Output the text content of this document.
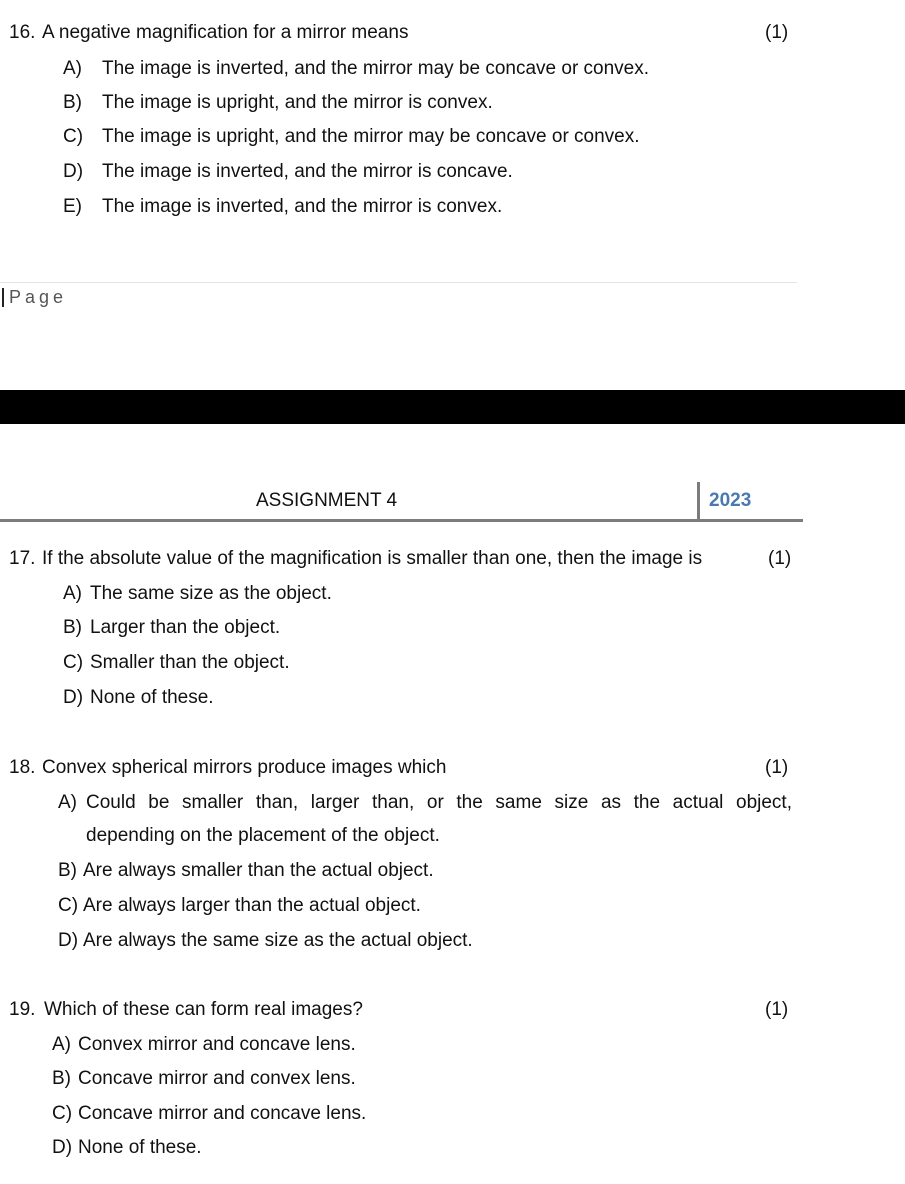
16. A negative magnification for a mirror means	(1)
A) The image is inverted, and the mirror may be concave or convex.
B) The image is upright, and the mirror is convex.
C) The image is upright, and the mirror may be concave or convex.
D) The image is inverted, and the mirror is concave.
E) The image is inverted, and the mirror is convex.
Page
ASSIGNMENT 4	2023
17. If the absolute value of the magnification is smaller than one, then the image is	(1)
A) The same size as the object.
B) Larger than the object.
C) Smaller than the object.
D) None of these.
18. Convex spherical mirrors produce images which	(1)
A) Could be smaller than, larger than, or the same size as the actual object,
depending on the placement of the object.
B) Are always smaller than the actual object.
C) Are always larger than the actual object.
D) Are always the same size as the actual object.
19. Which of these can form real images?	(1)
A) Convex mirror and concave lens.
B) Concave mirror and convex lens.
C) Concave mirror and concave lens.
D) None of these.
